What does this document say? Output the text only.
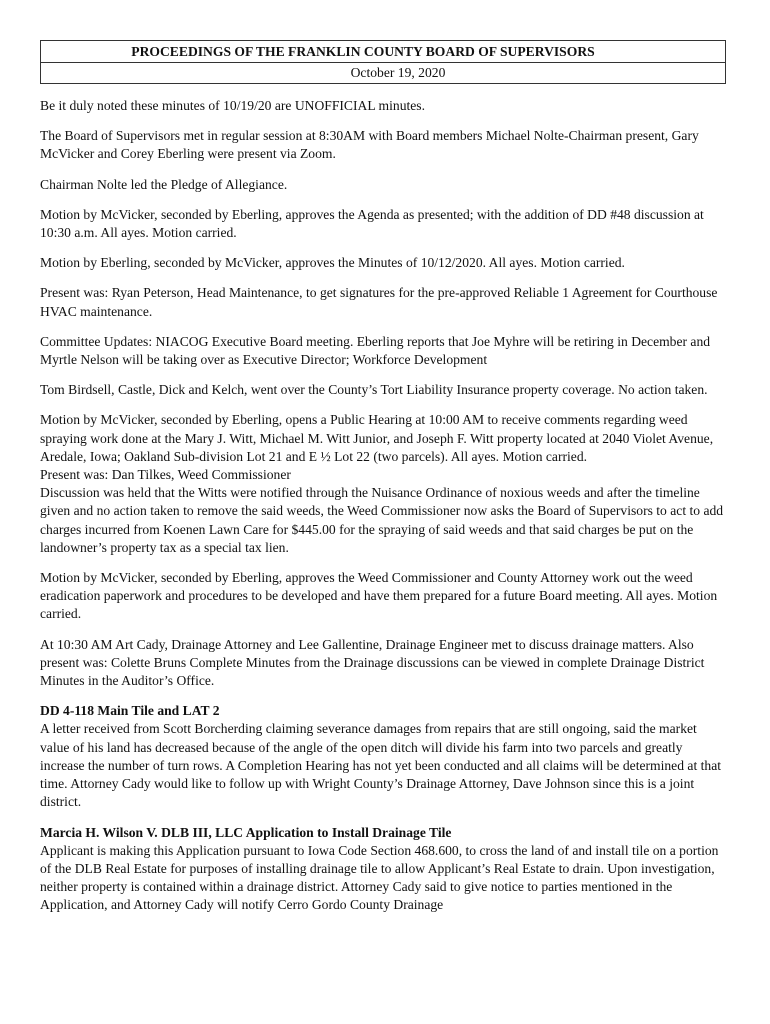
PROCEEDINGS OF THE FRANKLIN COUNTY BOARD OF SUPERVISORS
October 19, 2020

Be it duly noted these minutes of 10/19/20 are UNOFFICIAL minutes.

The Board of Supervisors met in regular session at 8:30AM with Board members Michael Nolte-Chairman present, Gary McVicker and Corey Eberling were present via Zoom.

Chairman Nolte led the Pledge of Allegiance.

Motion by McVicker, seconded by Eberling, approves the Agenda as presented; with the addition of DD #48 discussion at 10:30 a.m. All ayes. Motion carried.

Motion by Eberling, seconded by McVicker, approves the Minutes of 10/12/2020. All ayes. Motion carried.

Present was: Ryan Peterson, Head Maintenance, to get signatures for the pre-approved Reliable 1 Agreement for Courthouse HVAC maintenance.

Committee Updates: NIACOG Executive Board meeting. Eberling reports that Joe Myhre will be retiring in December and Myrtle Nelson will be taking over as Executive Director; Workforce Development

Tom Birdsell, Castle, Dick and Kelch, went over the County’s Tort Liability Insurance property coverage. No action taken.

Motion by McVicker, seconded by Eberling, opens a Public Hearing at 10:00 AM to receive comments regarding weed spraying work done at the Mary J. Witt, Michael M. Witt Junior, and Joseph F. Witt property located at 2040 Violet Avenue, Aredale, Iowa; Oakland Sub-division Lot 21 and E ½ Lot 22 (two parcels). All ayes. Motion carried.

Present was: Dan Tilkes, Weed Commissioner

Discussion was held that the Witts were notified through the Nuisance Ordinance of noxious weeds and after the timeline given and no action taken to remove the said weeds, the Weed Commissioner now asks the Board of Supervisors to act to add charges incurred from Koenen Lawn Care for $445.00 for the spraying of said weeds and that said charges be put on the landowner’s property tax as a special tax lien.

Motion by McVicker, seconded by Eberling, approves the Weed Commissioner and County Attorney work out the weed eradication paperwork and procedures to be developed and have them prepared for a future Board meeting. All ayes. Motion carried.

At 10:30 AM Art Cady, Drainage Attorney and Lee Gallentine, Drainage Engineer met to discuss drainage matters. Also present was: Colette Bruns Complete Minutes from the Drainage discussions can be viewed in complete Drainage District Minutes in the Auditor’s Office.

DD 4-118 Main Tile and LAT 2

A letter received from Scott Borcherding claiming severance damages from repairs that are still ongoing, said the market value of his land has decreased because of the angle of the open ditch will divide his farm into two parcels and greatly increase the number of turn rows. A Completion Hearing has not yet been conducted and all claims will be determined at that time. Attorney Cady would like to follow up with Wright County’s Drainage Attorney, Dave Johnson since this is a joint district.

Marcia H. Wilson V. DLB III, LLC Application to Install Drainage Tile

Applicant is making this Application pursuant to Iowa Code Section 468.600, to cross the land of and install tile on a portion of the DLB Real Estate for purposes of installing drainage tile to allow Applicant’s Real Estate to drain. Upon investigation, neither property is contained within a drainage district. Attorney Cady said to give notice to parties mentioned in the Application, and Attorney Cady will notify Cerro Gordo County Drainage
